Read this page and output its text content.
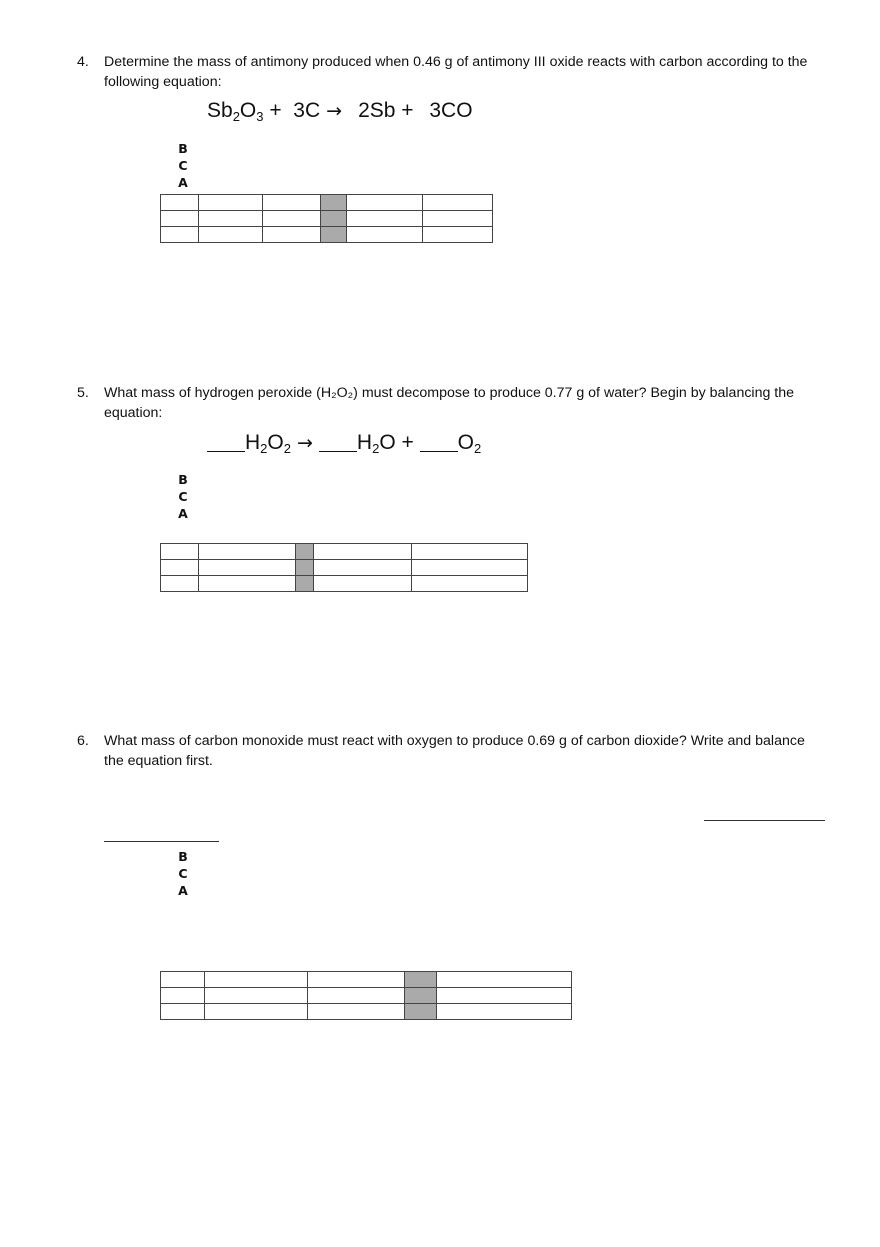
4. Determine the mass of antimony produced when 0.46 g of antimony III oxide reacts with carbon according to the following equation:
$Sb_2O_3 + 3C \to 2Sb + 3CO$
B
C
A

5. What mass of hydrogen peroxide (H₂O₂) must decompose to produce 0.77 g of water? Begin by balancing the equation:
$H_2O_2 \to H_2O + O_2$
B
C
A

6. What mass of carbon monoxide must react with oxygen to produce 0.69 g of carbon dioxide? Write and balance the equation first.
B
C
A
